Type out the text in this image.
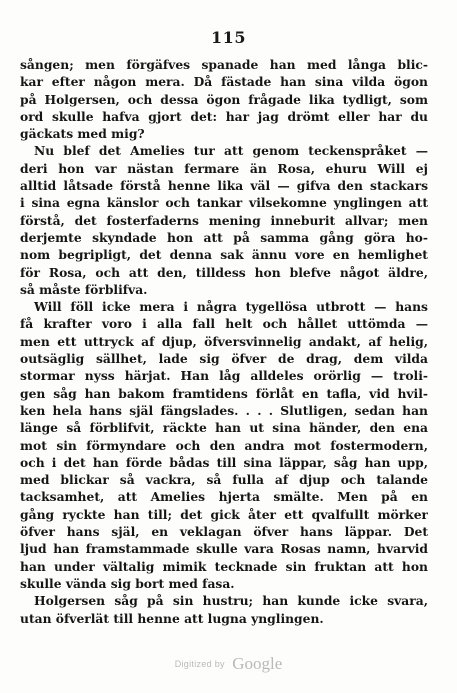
115
sången; men förgäfves spanade han med långa blic-
kar efter någon mera. Då fästade han sina vilda ögon
på Holgersen, och dessa ögon frågade lika tydligt, som
ord skulle hafva gjort det: har jag drömt eller har du
gäckats med mig?
Nu blef det Amelies tur att genom teckenspråket —
deri hon var nästan fermare än Rosa, ehuru Will ej
alltid låtsade förstå henne lika väl — gifva den stackars
i sina egna känslor och tankar vilsekomne ynglingen att
förstå, det fosterfaderns mening inneburit allvar; men
derjemte skyndade hon att på samma gång göra ho-
nom begripligt, det denna sak ännu vore en hemlighet
för Rosa, och att den, tilldess hon blefve något äldre,
så måste förblifva.
Will föll icke mera i några tygellösa utbrott — hans
få krafter voro i alla fall helt och hållet uttömda —
men ett uttryck af djup, öfversvinnelig andakt, af helig,
outsäglig sällhet, lade sig öfver de drag, dem vilda
stormar nyss härjat. Han låg alldeles orörlig — troli-
gen såg han bakom framtidens förlåt en tafla, vid hvil-
ken hela hans själ fängslades. . . . Slutligen, sedan han
länge så förblifvit, räckte han ut sina händer, den ena
mot sin förmyndare och den andra mot fostermodern,
och i det han förde bådas till sina läppar, såg han upp,
med blickar så vackra, så fulla af djup och talande
tacksamhet, att Amelies hjerta smälte. Men på en
gång ryckte han till; det gick åter ett qvalfullt mörker
öfver hans själ, en veklagan öfver hans läppar. Det
ljud han framstammade skulle vara Rosas namn, hvarvid
han under vältalig mimik tecknade sin fruktan att hon
skulle vända sig bort med fasa.
Holgersen såg på sin hustru; han kunde icke svara,
utan öfverlät till henne att lugna ynglingen.
Digitized by Google
